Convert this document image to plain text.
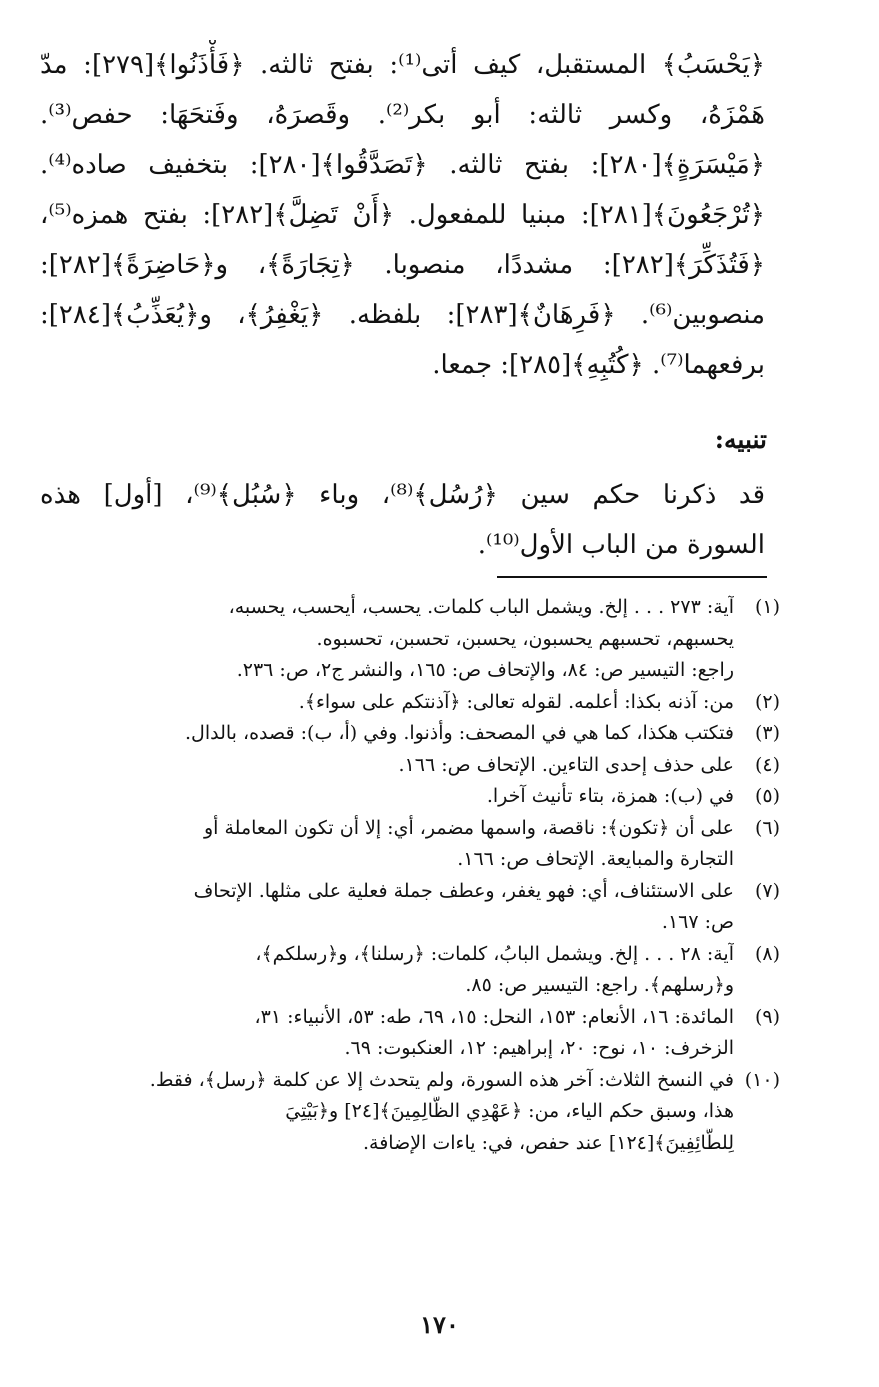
﴿يَحْسَبُ﴾ المستقبل، كيف أتى⁽¹⁾: بفتح ثالثه. ﴿فَأْذَنُوا﴾[٢٧٩]: مدّ
هَمْزَهُ، وكسر ثالثه: أبو بكر⁽²⁾. وقَصرَهُ، وفَتحَهَا: حفص⁽³⁾.
﴿مَيْسَرَةٍ﴾[٢٨٠]: بفتح ثالثه. ﴿تَصَدَّقُوا﴾[٢٨٠]: بتخفيف صاده⁽⁴⁾.
﴿تُرْجَعُونَ﴾[٢٨١]: مبنيا للمفعول. ﴿أَنْ تَضِلَّ﴾[٢٨٢]: بفتح همزه⁽⁵⁾،
﴿فَتُذَكِّرَ﴾[٢٨٢]: مشددًا، منصوبا. ﴿تِجَارَةً﴾، و﴿حَاضِرَةً﴾[٢٨٢]:
منصوبين⁽⁶⁾. ﴿فَرِهَانٌ﴾[٢٨٣]: بلفظه. ﴿يَغْفِرُ﴾، و﴿يُعَذِّبُ﴾[٢٨٤]:
برفعهما⁽⁷⁾. ﴿كُتُبِهِ﴾[٢٨٥]: جمعا.
تنبيه:
قد ذكرنا حكم سين ﴿رُسُل﴾⁽⁸⁾، وباء ﴿سُبُل﴾⁽⁹⁾، [أول] هذه
السورة من الباب الأول⁽¹⁰⁾.
(١)
آية: ٢٧٣ . . . إلخ. ويشمل الباب كلمات. يحسب، أيحسب، يحسبه،
يحسبهم، تحسبهم يحسبون، يحسبن، تحسبن، تحسبوه.
راجع: التيسير ص: ٨٤، والإتحاف ص: ١٦٥، والنشر ج٢، ص: ٢٣٦.
(٢)
من: آذنه بكذا: أعلمه. لقوله تعالى: ﴿آذنتكم على سواء﴾.
(٣)
فتكتب هكذا، كما هي في المصحف: وأذنوا. وفي (أ، ب): قصده، بالدال.
(٤)
على حذف إحدى التاءين. الإتحاف ص: ١٦٦.
(٥)
في (ب): همزة، بتاء تأنيث آخرا.
(٦)
على أن ﴿تكون﴾: ناقصة، واسمها مضمر، أي: إلا أن تكون المعاملة أو
التجارة والمبايعة. الإتحاف ص: ١٦٦.
(٧)
على الاستئناف، أي: فهو يغفر، وعطف جملة فعلية على مثلها. الإتحاف
ص: ١٦٧.
(٨)
آية: ٢٨ . . . إلخ. ويشمل البابُ، كلمات: ﴿رسلنا﴾، و﴿رسلكم﴾،
و﴿رسلهم﴾. راجع: التيسير ص: ٨٥.
(٩)
المائدة: ١٦، الأنعام: ١٥٣، النحل: ١٥، ٦٩، طه: ٥٣، الأنبياء: ٣١،
الزخرف: ١٠، نوح: ٢٠، إبراهيم: ١٢، العنكبوت: ٦٩.
(١٠)
في النسخ الثلاث: آخر هذه السورة، ولم يتحدث إلا عن كلمة ﴿رسل﴾، فقط.
هذا، وسبق حكم الياء، من: ﴿عَهْدِي الظَّالِمِينَ﴾[٢٤] و﴿بَيْتِيَ
لِلطَّائِفِينَ﴾[١٢٤] عند حفص، في: ياءات الإضافة.
١٧٠
